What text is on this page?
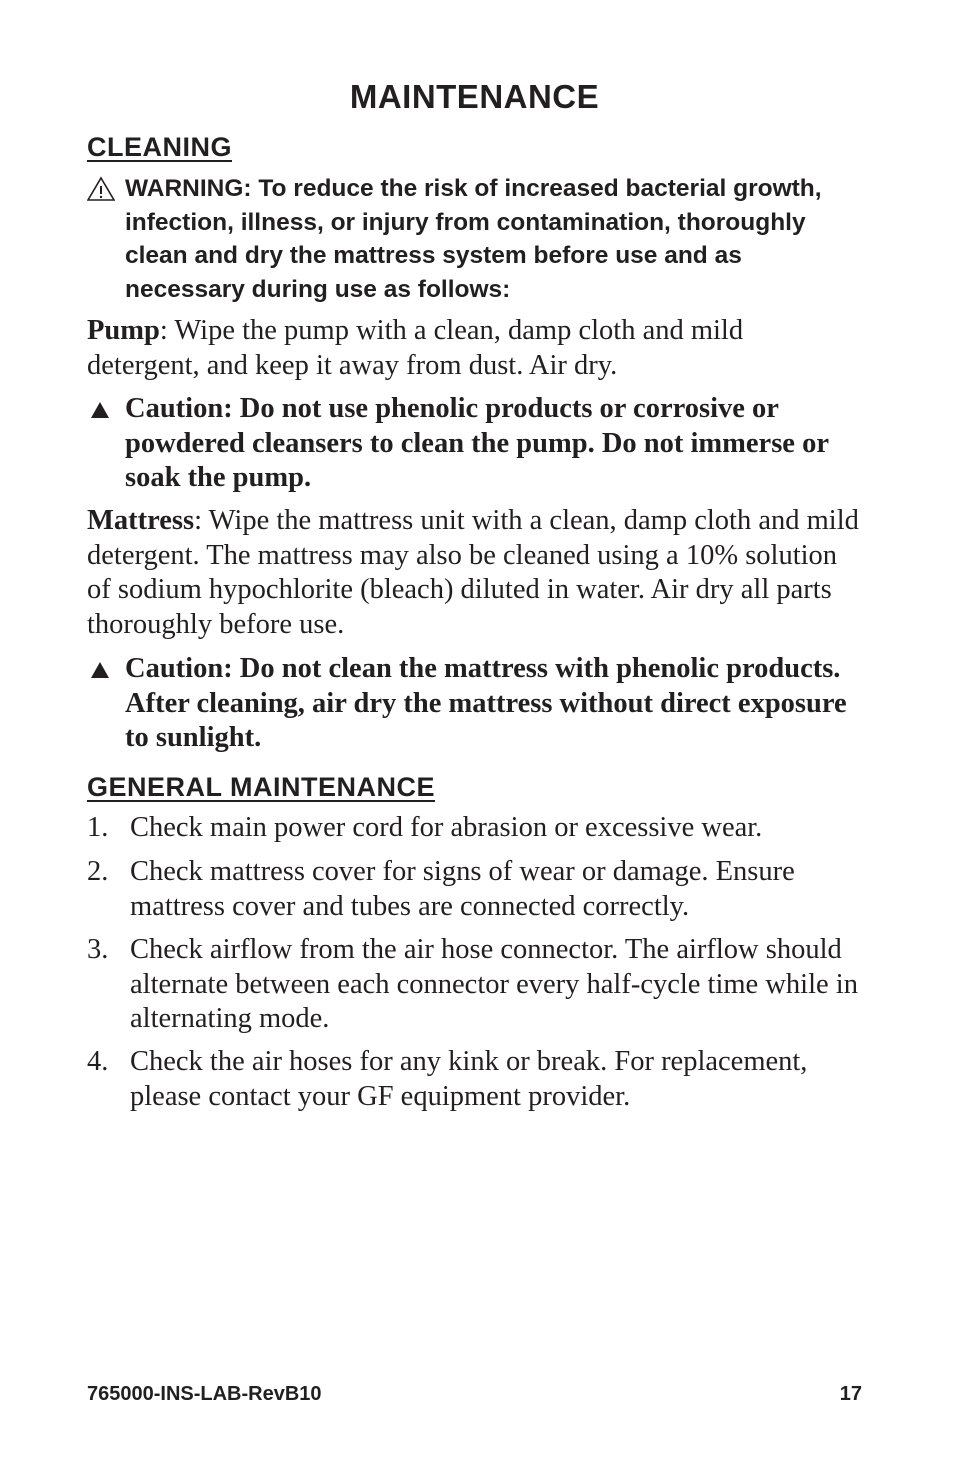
MAINTENANCE
CLEANING

WARNING: To reduce the risk of increased bacterial growth, infection, illness, or injury from contamination, thoroughly clean and dry the mattress system before use and as necessary during use as follows:

Pump: Wipe the pump with a clean, damp cloth and mild detergent, and keep it away from dust. Air dry.

Caution: Do not use phenolic products or corrosive or powdered cleansers to clean the pump. Do not immerse or soak the pump.

Mattress: Wipe the mattress unit with a clean, damp cloth and mild detergent. The mattress may also be cleaned using a 10% solution of sodium hypochlorite (bleach) diluted in water. Air dry all parts thoroughly before use.

Caution: Do not clean the mattress with phenolic products. After cleaning, air dry the mattress without direct exposure to sunlight.

GENERAL MAINTENANCE
1. Check main power cord for abrasion or excessive wear.
2. Check mattress cover for signs of wear or damage. Ensure mattress cover and tubes are connected correctly.
3. Check airflow from the air hose connector. The airflow should alternate between each connector every half-cycle time while in alternating mode.
4. Check the air hoses for any kink or break. For replacement, please contact your GF equipment provider.
765000-INS-LAB-RevB10	17
